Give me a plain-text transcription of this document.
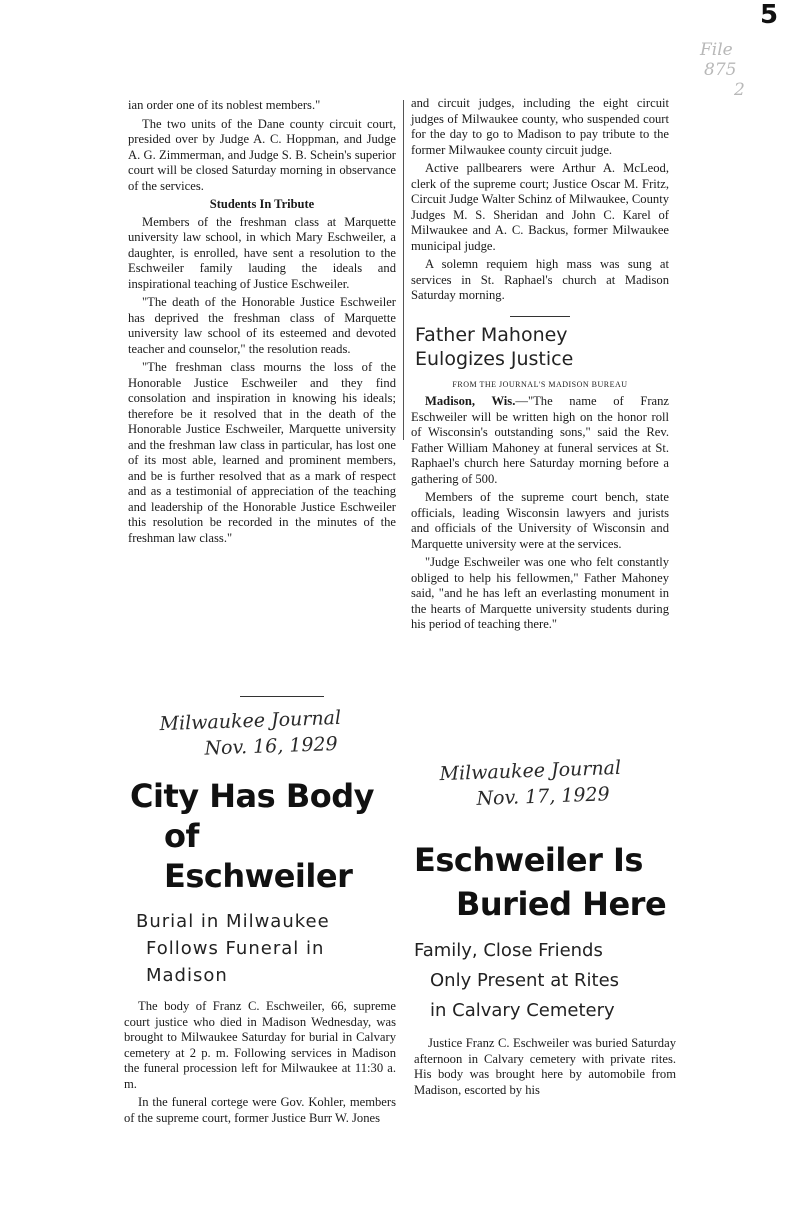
5
File
875
2

ian order one of its noblest members."

The two units of the Dane county circuit court, presided over by Judge A. C. Hoppman, and Judge A. G. Zimmerman, and Judge S. B. Schein's superior court will be closed Saturday morning in observance of the services.

Students In Tribute

Members of the freshman class at Marquette university law school, in which Mary Eschweiler, a daughter, is enrolled, have sent a resolution to the Eschweiler family lauding the ideals and inspirational teaching of Justice Eschweiler.

"The death of the Honorable Justice Eschweiler has deprived the freshman class of Marquette university law school of its esteemed and devoted teacher and counselor," the resolution reads.

"The freshman class mourns the loss of the Honorable Justice Eschweiler and they find consolation and inspiration in knowing his ideals; therefore be it resolved that in the death of the Honorable Justice Eschweiler, Marquette university and the freshman law class in particular, has lost one of its most able, learned and prominent members, and be is further resolved that as a mark of respect and as a testimonial of appreciation of the teaching and leadership of the Honorable Justice Eschweiler this resolution be recorded in the minutes of the freshman law class."

and circuit judges, including the eight circuit judges of Milwaukee county, who suspended court for the day to go to Madison to pay tribute to the former Milwaukee county circuit judge.

Active pallbearers were Arthur A. McLeod, clerk of the supreme court; Justice Oscar M. Fritz, Circuit Judge Walter Schinz of Milwaukee, County Judges M. S. Sheridan and John C. Karel of Milwaukee and A. C. Backus, former Milwaukee municipal judge.

A solemn requiem high mass was sung at services in St. Raphael's church at Madison Saturday morning.

Father Mahoney
Eulogizes Justice
FROM THE JOURNAL'S MADISON BUREAU

Madison, Wis.—"The name of Franz Eschweiler will be written high on the honor roll of Wisconsin's outstanding sons," said the Rev. Father William Mahoney at funeral services at St. Raphael's church here Saturday morning before a gathering of 500.

Members of the supreme court bench, state officials, leading Wisconsin lawyers and jurists and officials of the University of Wisconsin and Marquette university were at the services.

"Judge Eschweiler was one who felt constantly obliged to help his fellowmen," Father Mahoney said, "and he has left an everlasting monument in the hearts of Marquette university students during his period of teaching there."

Milwaukee Journal
Nov. 16, 1929
Milwaukee Journal
Nov. 17, 1929
City Has Body
of Eschweiler
Burial in Milwaukee
Follows Funeral in
Madison

The body of Franz C. Eschweiler, 66, supreme court justice who died in Madison Wednesday, was brought to Milwaukee Saturday for burial in Calvary cemetery at 2 p. m. Following services in Madison the funeral procession left for Milwaukee at 11:30 a. m.

In the funeral cortege were Gov. Kohler, members of the supreme court, former Justice Burr W. Jones

Eschweiler Is
Buried Here
Family, Close Friends
Only Present at Rites
in Calvary Cemetery

Justice Franz C. Eschweiler was buried Saturday afternoon in Calvary cemetery with private rites. His body was brought here by automobile from Madison, escorted by his
